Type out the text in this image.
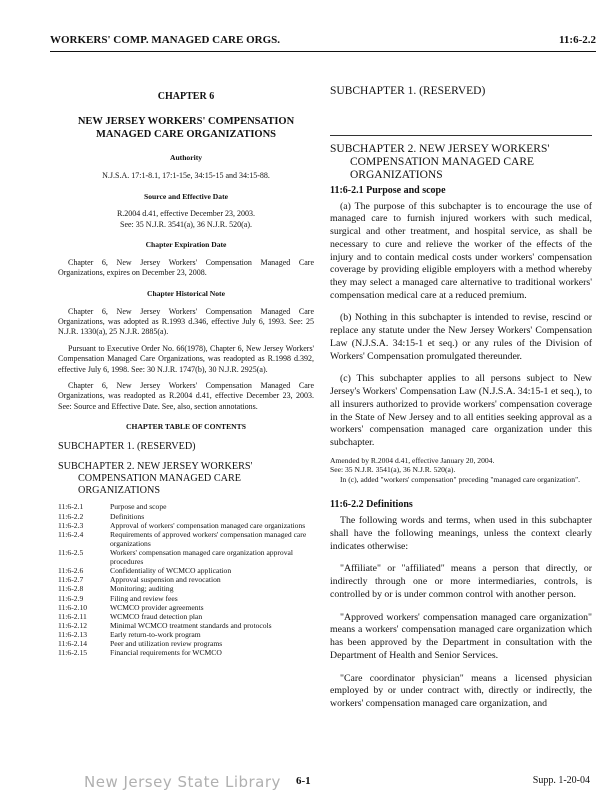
WORKERS' COMP. MANAGED CARE ORGS.	11:6-2.2
CHAPTER 6
NEW JERSEY WORKERS' COMPENSATION MANAGED CARE ORGANIZATIONS
Authority
N.J.S.A. 17:1-8.1, 17:1-15e, 34:15-15 and 34:15-88.
Source and Effective Date
R.2004 d.41, effective December 23, 2003.
See: 35 N.J.R. 3541(a), 36 N.J.R. 520(a).
Chapter Expiration Date
Chapter 6, New Jersey Workers' Compensation Managed Care Organizations, expires on December 23, 2008.
Chapter Historical Note
Chapter 6, New Jersey Workers' Compensation Managed Care Organizations, was adopted as R.1993 d.346, effective July 6, 1993. See: 25 N.J.R. 1330(a), 25 N.J.R. 2885(a).
Pursuant to Executive Order No. 66(1978), Chapter 6, New Jersey Workers' Compensation Managed Care Organizations, was readopted as R.1998 d.392, effective July 6, 1998. See: 30 N.J.R. 1747(b), 30 N.J.R. 2925(a).
Chapter 6, New Jersey Workers' Compensation Managed Care Organizations, was readopted as R.2004 d.41, effective December 23, 2003. See: Source and Effective Date. See, also, section annotations.
CHAPTER TABLE OF CONTENTS
SUBCHAPTER 1. (RESERVED)
SUBCHAPTER 2. NEW JERSEY WORKERS'
COMPENSATION MANAGED CARE
ORGANIZATIONS
11:6-2.1	Purpose and scope
11:6-2.2	Definitions
11:6-2.3	Approval of workers' compensation managed care organizations
11:6-2.4	Requirements of approved workers' compensation managed care organizations
11:6-2.5	Workers' compensation managed care organization approval procedures
11:6-2.6	Confidentiality of WCMCO application
11:6-2.7	Approval suspension and revocation
11:6-2.8	Monitoring; auditing
11:6-2.9	Filing and review fees
11:6-2.10	WCMCO provider agreements
11:6-2.11	WCMCO fraud detection plan
11:6-2.12	Minimal WCMCO treatment standards and protocols
11:6-2.13	Early return-to-work program
11:6-2.14	Peer and utilization review programs
11:6-2.15	Financial requirements for WCMCO
SUBCHAPTER 1. (RESERVED)
SUBCHAPTER 2. NEW JERSEY WORKERS'
COMPENSATION MANAGED CARE
ORGANIZATIONS
11:6-2.1 Purpose and scope
(a) The purpose of this subchapter is to encourage the use of managed care to furnish injured workers with such medical, surgical and other treatment, and hospital service, as shall be necessary to cure and relieve the worker of the effects of the injury and to contain medical costs under workers' compensation coverage by providing eligible employers with a method whereby they may select a managed care alternative to traditional workers' compensation medical care at a reduced premium.
(b) Nothing in this subchapter is intended to revise, rescind or replace any statute under the New Jersey Workers' Compensation Law (N.J.S.A. 34:15-1 et seq.) or any rules of the Division of Workers' Compensation promulgated thereunder.
(c) This subchapter applies to all persons subject to New Jersey's Workers' Compensation Law (N.J.S.A. 34:15-1 et seq.), to all insurers authorized to provide workers' compensation coverage in the State of New Jersey and to all entities seeking approval as a workers' compensation managed care organization under this subchapter.
Amended by R.2004 d.41, effective January 20, 2004.
See: 35 N.J.R. 3541(a), 36 N.J.R. 520(a).
In (c), added "workers' compensation" preceding "managed care organization".
11:6-2.2 Definitions
The following words and terms, when used in this subchapter shall have the following meanings, unless the context clearly indicates otherwise:
"Affiliate" or "affiliated" means a person that directly, or indirectly through one or more intermediaries, controls, is controlled by or is under common control with another person.
"Approved workers' compensation managed care organization" means a workers' compensation managed care organization which has been approved by the Department in consultation with the Department of Health and Senior Services.
"Care coordinator physician" means a licensed physician employed by or under contract with, directly or indirectly, the workers' compensation managed care organization, and
New Jersey State Library 6-1	Supp. 1-20-04
